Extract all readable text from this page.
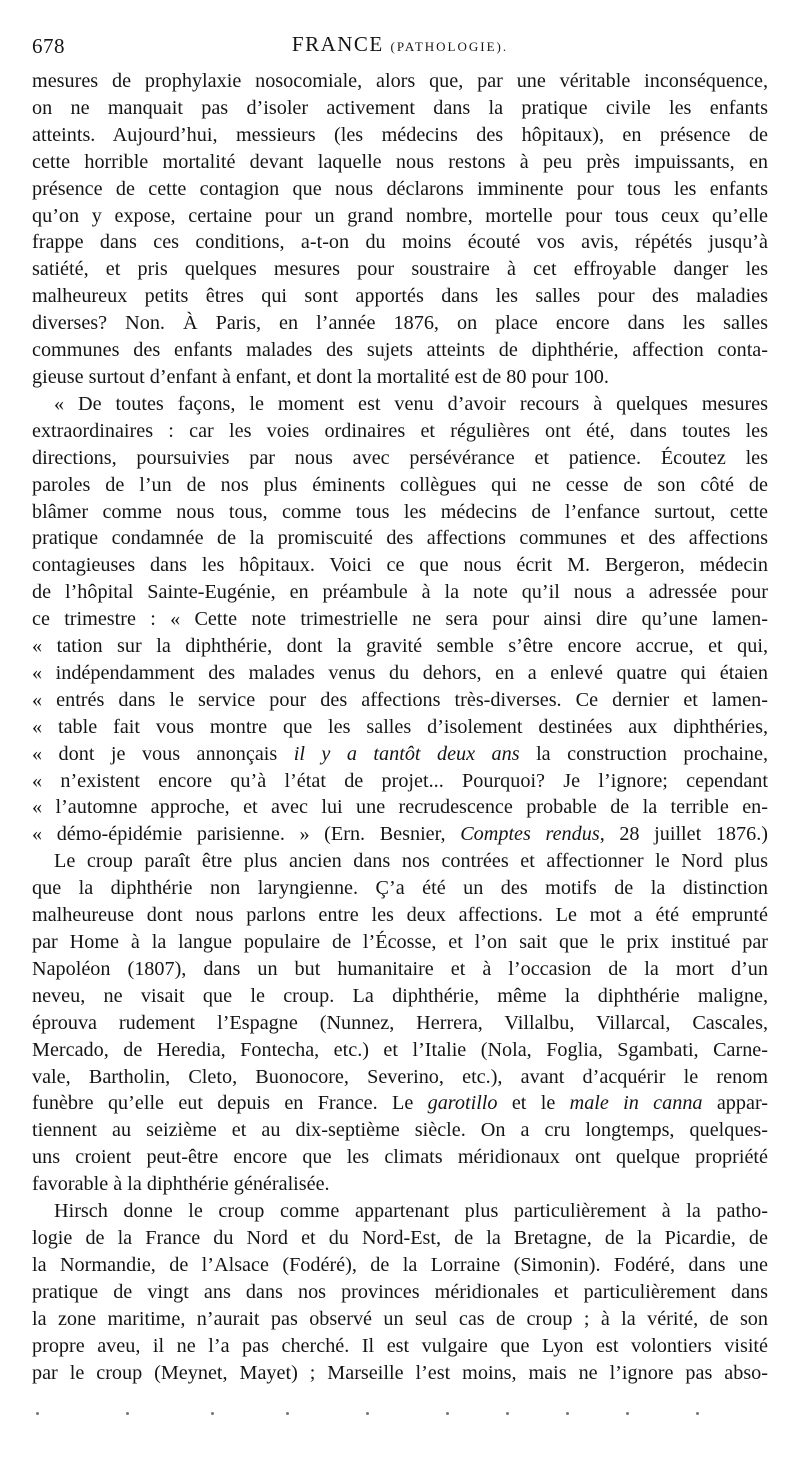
678	FRANCE (PATHOLOGIE).
mesures de prophylaxie nosocomiale, alors que, par une véritable inconséquence,
on ne manquait pas d’isoler activement dans la pratique civile les enfants
atteints. Aujourd’hui, messieurs (les médecins des hôpitaux), en présence de
cette horrible mortalité devant laquelle nous restons à peu près impuissants, en
présence de cette contagion que nous déclarons imminente pour tous les enfants
qu’on y expose, certaine pour un grand nombre, mortelle pour tous ceux qu’elle
frappe dans ces conditions, a-t-on du moins écouté vos avis, répétés jusqu’à
satiété, et pris quelques mesures pour soustraire à cet effroyable danger les
malheureux petits êtres qui sont apportés dans les salles pour des maladies
diverses? Non. À Paris, en l’année 1876, on place encore dans les salles
communes des enfants malades des sujets atteints de diphthérie, affection conta-
gieuse surtout d’enfant à enfant, et dont la mortalité est de 80 pour 100.
« De toutes façons, le moment est venu d’avoir recours à quelques mesures
extraordinaires : car les voies ordinaires et régulières ont été, dans toutes les
directions, poursuivies par nous avec persévérance et patience. Écoutez les
paroles de l’un de nos plus éminents collègues qui ne cesse de son côté de
blâmer comme nous tous, comme tous les médecins de l’enfance surtout, cette
pratique condamnée de la promiscuité des affections communes et des affections
contagieuses dans les hôpitaux. Voici ce que nous écrit M. Bergeron, médecin
de l’hôpital Sainte-Eugénie, en préambule à la note qu’il nous a adressée pour
ce trimestre : « Cette note trimestrielle ne sera pour ainsi dire qu’une lamen-
« tation sur la diphthérie, dont la gravité semble s’être encore accrue, et qui,
« indépendamment des malades venus du dehors, en a enlevé quatre qui étaien
« entrés dans le service pour des affections très-diverses. Ce dernier et lamen-
« table fait vous montre que les salles d’isolement destinées aux diphthéries,
« dont je vous annonçais il y a tantôt deux ans la construction prochaine,
« n’existent encore qu’à l’état de projet... Pourquoi? Je l’ignore; cependant
« l’automne approche, et avec lui une recrudescence probable de la terrible en-
« démo-épidémie parisienne. » (Ern. Besnier, Comptes rendus, 28 juillet 1876.)
Le croup paraît être plus ancien dans nos contrées et affectionner le Nord plus
que la diphthérie non laryngienne. Ç’a été un des motifs de la distinction
malheureuse dont nous parlons entre les deux affections. Le mot a été emprunté
par Home à la langue populaire de l’Écosse, et l’on sait que le prix institué par
Napoléon (1807), dans un but humanitaire et à l’occasion de la mort d’un
neveu, ne visait que le croup. La diphthérie, même la diphthérie maligne,
éprouva rudement l’Espagne (Nunnez, Herrera, Villalbu, Villarcal, Cascales,
Mercado, de Heredia, Fontecha, etc.) et l’Italie (Nola, Foglia, Sgambati, Carne-
vale, Bartholin, Cleto, Buonocore, Severino, etc.), avant d’acquérir le renom
funèbre qu’elle eut depuis en France. Le garotillo et le male in canna appar-
tiennent au seizième et au dix-septième siècle. On a cru longtemps, quelques-
uns croient peut-être encore que les climats méridionaux ont quelque propriété
favorable à la diphthérie généralisée.
Hirsch donne le croup comme appartenant plus particulièrement à la patho-
logie de la France du Nord et du Nord-Est, de la Bretagne, de la Picardie, de
la Normandie, de l’Alsace (Fodéré), de la Lorraine (Simonin). Fodéré, dans une
pratique de vingt ans dans nos provinces méridionales et particulièrement dans
la zone maritime, n’aurait pas observé un seul cas de croup ; à la vérité, de son
propre aveu, il ne l’a pas cherché. Il est vulgaire que Lyon est volontiers visité
par le croup (Meynet, Mayet) ; Marseille l’est moins, mais ne l’ignore pas abso-
